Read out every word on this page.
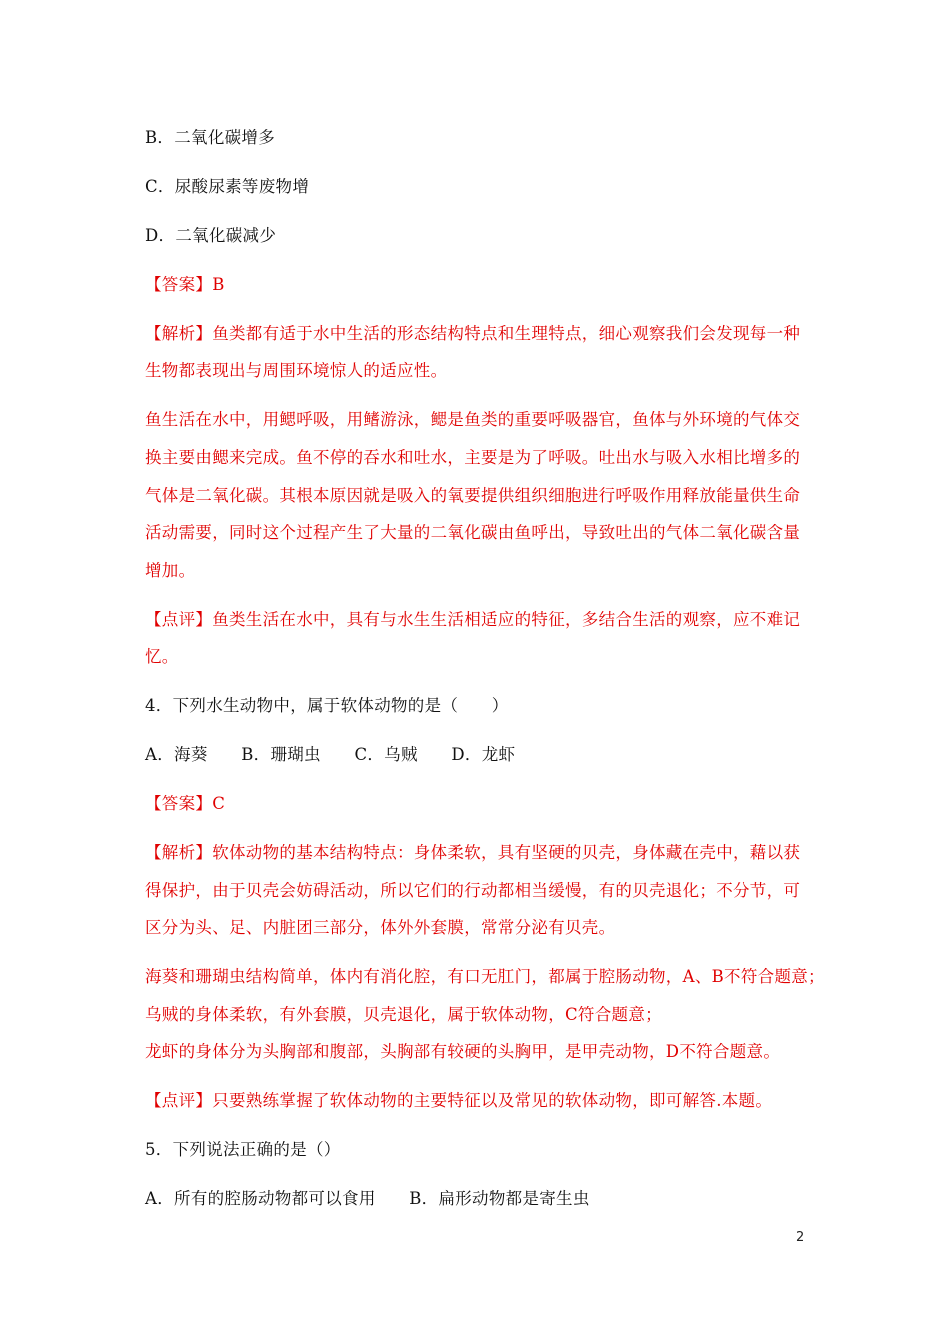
B．二氧化碳增多
C．尿酸尿素等废物增
D．二氧化碳减少
【答案】B
【解析】鱼类都有适于水中生活的形态结构特点和生理特点，细心观察我们会发现每一种
生物都表现出与周围环境惊人的适应性。
鱼生活在水中，用鳃呼吸，用鳍游泳，鳃是鱼类的重要呼吸器官，鱼体与外环境的气体交
换主要由鳃来完成。鱼不停的吞水和吐水，主要是为了呼吸。吐出水与吸入水相比增多的
气体是二氧化碳。其根本原因就是吸入的氧要提供组织细胞进行呼吸作用释放能量供生命
活动需要，同时这个过程产生了大量的二氧化碳由鱼呼出，导致吐出的气体二氧化碳含量
增加。
【点评】鱼类生活在水中，具有与水生生活相适应的特征，多结合生活的观察，应不难记
忆。
4．下列水生动物中，属于软体动物的是（　　）
A．海葵　　B．珊瑚虫　　C．乌贼　　D．龙虾
【答案】C
【解析】软体动物的基本结构特点：身体柔软，具有坚硬的贝壳，身体藏在壳中，藉以获
得保护，由于贝壳会妨碍活动，所以它们的行动都相当缓慢，有的贝壳退化；不分节，可
区分为头、足、内脏团三部分，体外外套膜，常常分泌有贝壳。
海葵和珊瑚虫结构简单，体内有消化腔，有口无肛门，都属于腔肠动物，A、B不符合题意；
乌贼的身体柔软，有外套膜，贝壳退化，属于软体动物，C符合题意；
龙虾的身体分为头胸部和腹部，头胸部有较硬的头胸甲，是甲壳动物，D不符合题意。
【点评】只要熟练掌握了软体动物的主要特征以及常见的软体动物，即可解答.本题。
5．下列说法正确的是（）
A．所有的腔肠动物都可以食用　　B．扁形动物都是寄生虫
2
